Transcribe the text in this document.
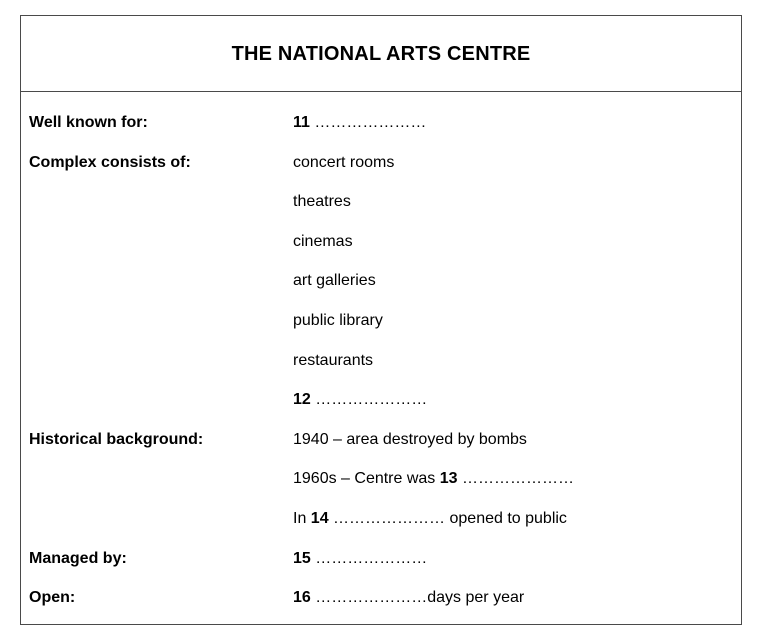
THE NATIONAL ARTS CENTRE
Well known for:	11 …………………
Complex consists of:	concert rooms
theatres
cinemas
art galleries
public library
restaurants
12 …………………
Historical background:	1940 – area destroyed by bombs
1960s – Centre was 13 …………………
In 14 ………………… opened to public
Managed by:	15 …………………
Open:	16 …………………days per year
